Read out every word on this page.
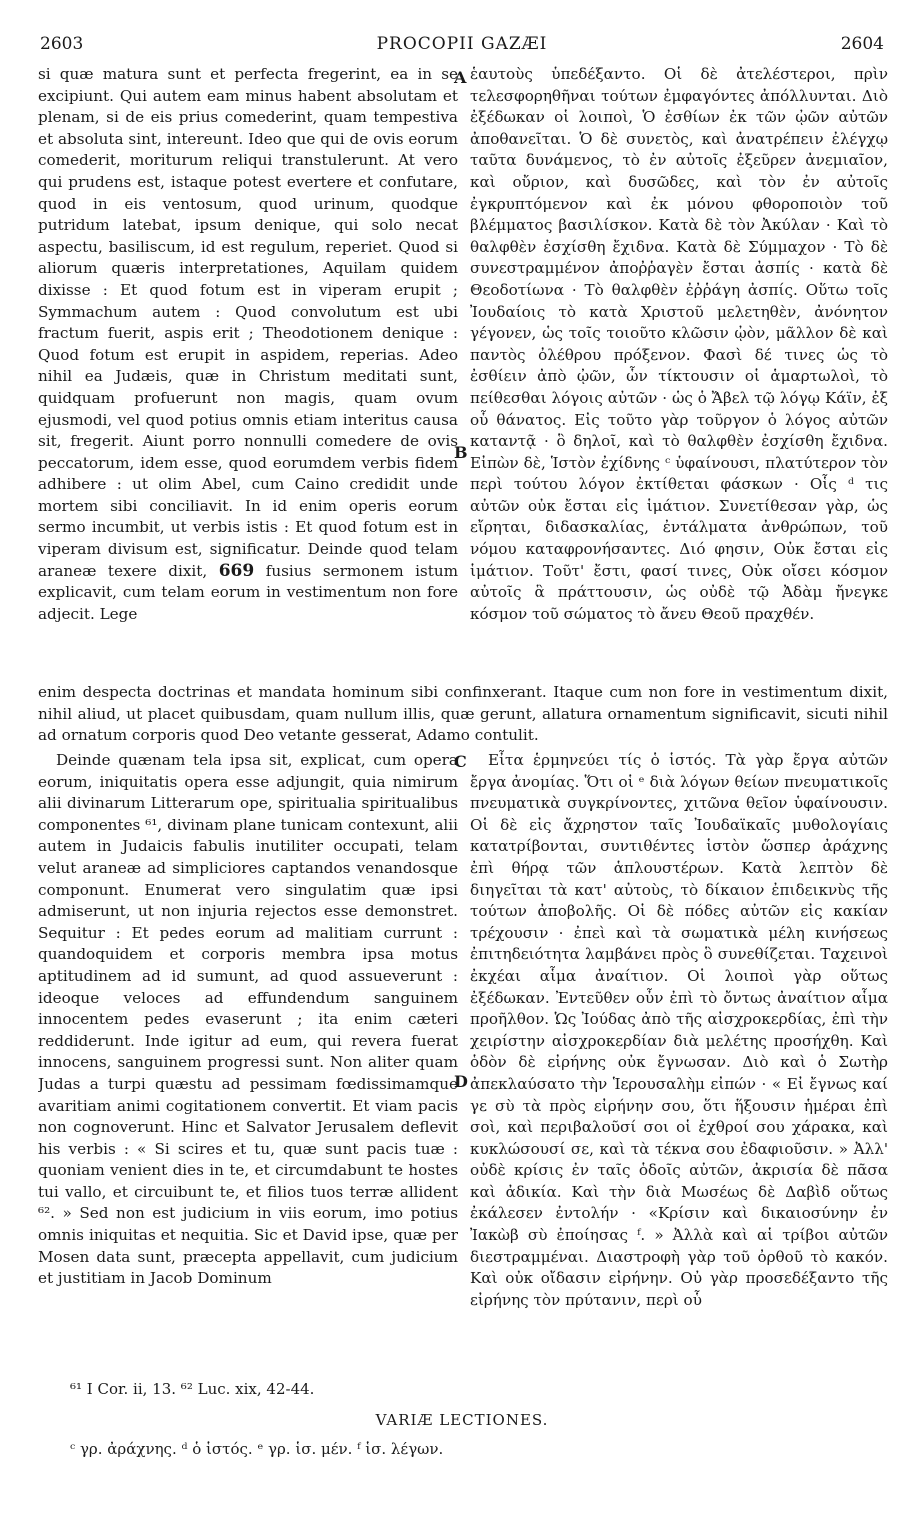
2603	PROCOPII GAZÆI	2604
A
B
C
D

si quæ matura sunt et perfecta fregerint, ea in se excipiunt. Qui autem eam minus habent absolutam et plenam, si de eis prius comederint, quam tempestiva et absoluta sint, intereunt. Ideo que qui de ovis eorum comederit, moriturum reliqui transtulerunt. At vero qui prudens est, istaque potest evertere et confutare, quod in eis ventosum, quod urinum, quodque putridum latebat, ipsum denique, qui solo necat aspectu, basiliscum, id est regulum, reperiet. Quod si aliorum quæris interpretationes, Aquilam quidem dixisse : Et quod fotum est in viperam erupit ; Symmachum autem : Quod convolutum est ubi fractum fuerit, aspis erit ; Theodotionem denique : Quod fotum est erupit in aspidem, reperias. Adeo nihil ea Judæis, quæ in Christum meditati sunt, quidquam profuerunt non magis, quam ovum ejusmodi, vel quod potius omnis etiam interitus causa sit, fregerit. Aiunt porro nonnulli comedere de ovis peccatorum, idem esse, quod eorumdem verbis fidem adhibere : ut olim Abel, cum Caino credidit unde mortem sibi conciliavit. In id enim operis eorum sermo incumbit, ut verbis istis : Et quod fotum est in viperam divisum est, significatur. Deinde quod telam araneæ texere dixit, 669 fusius sermonem istum explicavit, cum telam eorum in vestimentum non fore adjecit. Lege

ἑαυτοὺς ὑπεδέξαντο. Οἱ δὲ ἀτελέστεροι, πρὶν τελεσφορηθῆναι τούτων ἐμφαγόντες ἀπόλλυνται. Διὸ ἐξέδωκαν οἱ λοιποὶ, Ὁ ἐσθίων ἐκ τῶν ᾠῶν αὐτῶν ἀποθανεῖται. Ὁ δὲ συνετὸς, καὶ ἀνατρέπειν ἐλέγχῳ ταῦτα δυνάμενος, τὸ ἐν αὐτοῖς ἐξεῦρεν ἀνεμιαῖον, καὶ οὔριον, καὶ δυσῶδες, καὶ τὸν ἐν αὐτοῖς ἐγκρυπτόμενον καὶ ἐκ μόνου φθοροποιὸν τοῦ βλέμματος βασιλίσκον. Κατὰ δὲ τὸν Ἀκύλαν · Καὶ τὸ θαλφθὲν ἐσχίσθη ἔχιδνα. Κατὰ δὲ Σύμμαχον · Τὸ δὲ συνεστραμμένον ἀποῤῥαγὲν ἔσται ἀσπίς · κατὰ δὲ Θεοδοτίωνα · Τὸ θαλφθὲν ἐῤῥάγη ἀσπίς. Οὕτω τοῖς Ἰουδαίοις τὸ κατὰ Χριστοῦ μελετηθὲν, ἀνόνητον γέγονεν, ὡς τοῖς τοιοῦτο κλῶσιν ᾠὸν, μᾶλλον δὲ καὶ παντὸς ὀλέθρου πρόξενον. Φασὶ δέ τινες ὡς τὸ ἐσθίειν ἀπὸ ᾠῶν, ὧν τίκτουσιν οἱ ἁμαρτωλοὶ, τὸ πείθεσθαι λόγοις αὐτῶν · ὡς ὁ Ἄβελ τῷ λόγῳ Κάϊν, ἐξ οὗ θάνατος. Εἰς τοῦτο γὰρ τοῦργον ὁ λόγος αὐτῶν καταντᾷ · ὃ δηλοῖ, καὶ τὸ θαλφθὲν ἐσχίσθη ἔχιδνα. Εἰπὼν δὲ, Ἱστὸν ἐχίδνης ᶜ ὑφαίνουσι, πλατύτερον τὸν περὶ τούτου λόγον ἐκτίθεται φάσκων · Οἷς ᵈ τις αὐτῶν οὐκ ἔσται εἰς ἱμάτιον. Συνετίθεσαν γὰρ, ὡς εἴρηται, διδασκαλίας, ἐντάλματα ἀνθρώπων, τοῦ νόμου καταφρονήσαντες. Διό φησιν, Οὐκ ἔσται εἰς ἱμάτιον. Τοῦτ' ἔστι, φασί τινες, Οὐκ οἴσει κόσμον αὐτοῖς ἃ πράττουσιν, ὡς οὐδὲ τῷ Ἀδὰμ ἤνεγκε κόσμον τοῦ σώματος τὸ ἄνευ Θεοῦ πραχθέν.

enim despecta doctrinas et mandata hominum sibi confinxerant. Itaque cum non fore in vestimentum dixit, nihil aliud, ut placet quibusdam, quam nullum illis, quæ gerunt, allatura ornamentum significavit, sicuti nihil ad ornatum corporis quod Deo vetante gesserat, Adamo contulit.

Deinde quænam tela ipsa sit, explicat, cum opera eorum, iniquitatis opera esse adjungit, quia nimirum alii divinarum Litterarum ope, spiritualia spiritualibus componentes ⁶¹, divinam plane tunicam contexunt, alii autem in Judaicis fabulis inutiliter occupati, telam velut araneæ ad simpliciores captandos venandosque componunt. Enumerat vero singulatim quæ ipsi admiserunt, ut non injuria rejectos esse demonstret. Sequitur : Et pedes eorum ad malitiam currunt : quandoquidem et corporis membra ipsa motus aptitudinem ad id sumunt, ad quod assueverunt : ideoque veloces ad effundendum sanguinem innocentem pedes evaserunt ; ita enim cæteri reddiderunt. Inde igitur ad eum, qui revera fuerat innocens, sanguinem progressi sunt. Non aliter quam Judas a turpi quæstu ad pessimam fœdissimamque avaritiam animi cogitationem convertit. Et viam pacis non cognoverunt. Hinc et Salvator Jerusalem deflevit his verbis : « Si scires et tu, quæ sunt pacis tuæ : quoniam venient dies in te, et circumdabunt te hostes tui vallo, et circuibunt te, et filios tuos terræ allident ⁶². » Sed non est judicium in viis eorum, imo potius omnis iniquitas et nequitia. Sic et David ipse, quæ per Mosen data sunt, præcepta appellavit, cum judicium et justitiam in Jacob Dominum

Εἶτα ἑρμηνεύει τίς ὁ ἱστός. Τὰ γὰρ ἔργα αὐτῶν ἔργα ἀνομίας. Ὅτι οἱ ᵉ διὰ λόγων θείων πνευματικοῖς πνευματικὰ συγκρίνοντες, χιτῶνα θεῖον ὑφαίνουσιν. Οἱ δὲ εἰς ἄχρηστον ταῖς Ἰουδαϊκαῖς μυθολογίαις κατατρίβονται, συντιθέντες ἱστὸν ὥσπερ ἀράχνης ἐπὶ θήρᾳ τῶν ἁπλουστέρων. Κατὰ λεπτὸν δὲ διηγεῖται τὰ κατ' αὐτοὺς, τὸ δίκαιον ἐπιδεικνὺς τῆς τούτων ἀποβολῆς. Οἱ δὲ πόδες αὐτῶν εἰς κακίαν τρέχουσιν · ἐπεὶ καὶ τὰ σωματικὰ μέλη κινήσεως ἐπιτηδειότητα λαμβάνει πρὸς ὃ συνεθίζεται. Ταχεινοὶ ἐκχέαι αἷμα ἀναίτιον. Οἱ λοιποὶ γὰρ οὕτως ἐξέδωκαν. Ἐντεῦθεν οὖν ἐπὶ τὸ ὄντως ἀναίτιον αἷμα προῆλθον. Ὡς Ἰούδας ἀπὸ τῆς αἰσχροκερδίας, ἐπὶ τὴν χειρίστην αἰσχροκερδίαν διὰ μελέτης προσήχθη. Καὶ ὁδὸν δὲ εἰρήνης οὐκ ἔγνωσαν. Διὸ καὶ ὁ Σωτὴρ ἀπεκλαύσατο τὴν Ἱερουσαλὴμ εἰπών · « Εἰ ἔγνως καί γε σὺ τὰ πρὸς εἰρήνην σου, ὅτι ἥξουσιν ἡμέραι ἐπὶ σοὶ, καὶ περιβαλοῦσί σοι οἱ ἐχθροί σου χάρακα, καὶ κυκλώσουσί σε, καὶ τὰ τέκνα σου ἐδαφιοῦσιν. » Ἀλλ' οὐδὲ κρίσις ἐν ταῖς ὁδοῖς αὐτῶν, ἀκρισία δὲ πᾶσα καὶ ἀδικία. Καὶ τὴν διὰ Μωσέως δὲ Δαβὶδ οὕτως ἐκάλεσεν ἐντολήν · «Κρίσιν καὶ δικαιοσύνην ἐν Ἰακὼβ σὺ ἐποίησας ᶠ. » Ἀλλὰ καὶ αἱ τρίβοι αὐτῶν διεστραμμέναι. Διαστροφὴ γὰρ τοῦ ὀρθοῦ τὸ κακόν. Καὶ οὐκ οἴδασιν εἰρήνην. Οὐ γὰρ προσεδέξαντο τῆς εἰρήνης τὸν πρύτανιν, περὶ οὗ

⁶¹ I Cor. ii, 13. ⁶² Luc. xix, 42-44.
VARIÆ LECTIONES.
ᶜ γρ. ἀράχνης. ᵈ ὁ ἱστός. ᵉ γρ. ἱσ. μέν. ᶠ ἱσ. λέγων.
